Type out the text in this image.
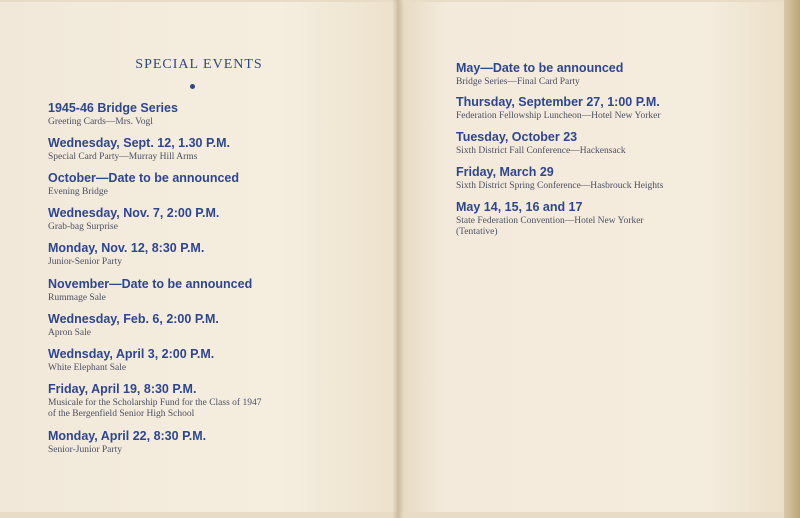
SPECIAL EVENTS
1945-46 Bridge Series
Greeting Cards—Mrs. Vogl
Wednesday, Sept. 12, 1.30 P.M.
Special Card Party—Murray Hill Arms
October—Date to be announced
Evening Bridge
Wednesday, Nov. 7, 2:00 P.M.
Grab-bag Surprise
Monday, Nov. 12, 8:30 P.M.
Junior-Senior Party
November—Date to be announced
Rummage Sale
Wednesday, Feb. 6, 2:00 P.M.
Apron Sale
Wednsday, April 3, 2:00 P.M.
White Elephant Sale
Friday, April 19, 8:30 P.M.
Musicale for the Scholarship Fund for the Class of 1947
of the Bergenfield Senior High School
Monday, April 22, 8:30 P.M.
Senior-Junior Party
May—Date to be announced
Bridge Series—Final Card Party
Thursday, September 27, 1:00 P.M.
Federation Fellowship Luncheon—Hotel New Yorker
Tuesday, October 23
Sixth District Fall Conference—Hackensack
Friday, March 29
Sixth District Spring Conference—Hasbrouck Heights
May 14, 15, 16 and 17
State Federation Convention—Hotel New Yorker
(Tentative)
